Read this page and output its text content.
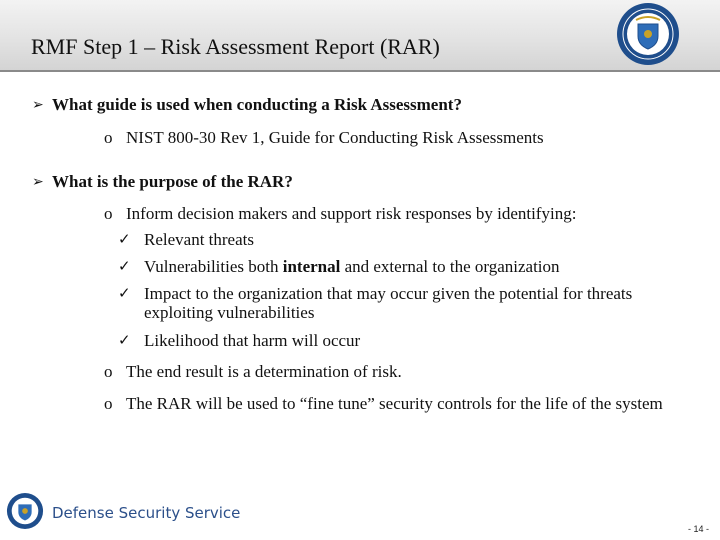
RMF Step 1 – Risk Assessment Report (RAR)
➢ What guide is used when conducting a Risk Assessment?
o NIST 800-30 Rev 1, Guide for Conducting Risk Assessments
➢ What is the purpose of the RAR?
o Inform decision makers and support risk responses by identifying:
✓ Relevant threats
✓ Vulnerabilities both internal and external to the organization
✓ Impact to the organization that may occur given the potential for threats exploiting vulnerabilities
✓ Likelihood that harm will occur
o The end result is a determination of risk.
o The RAR will be used to “fine tune” security controls for the life of the system
Defense Security Service
- 14 -
